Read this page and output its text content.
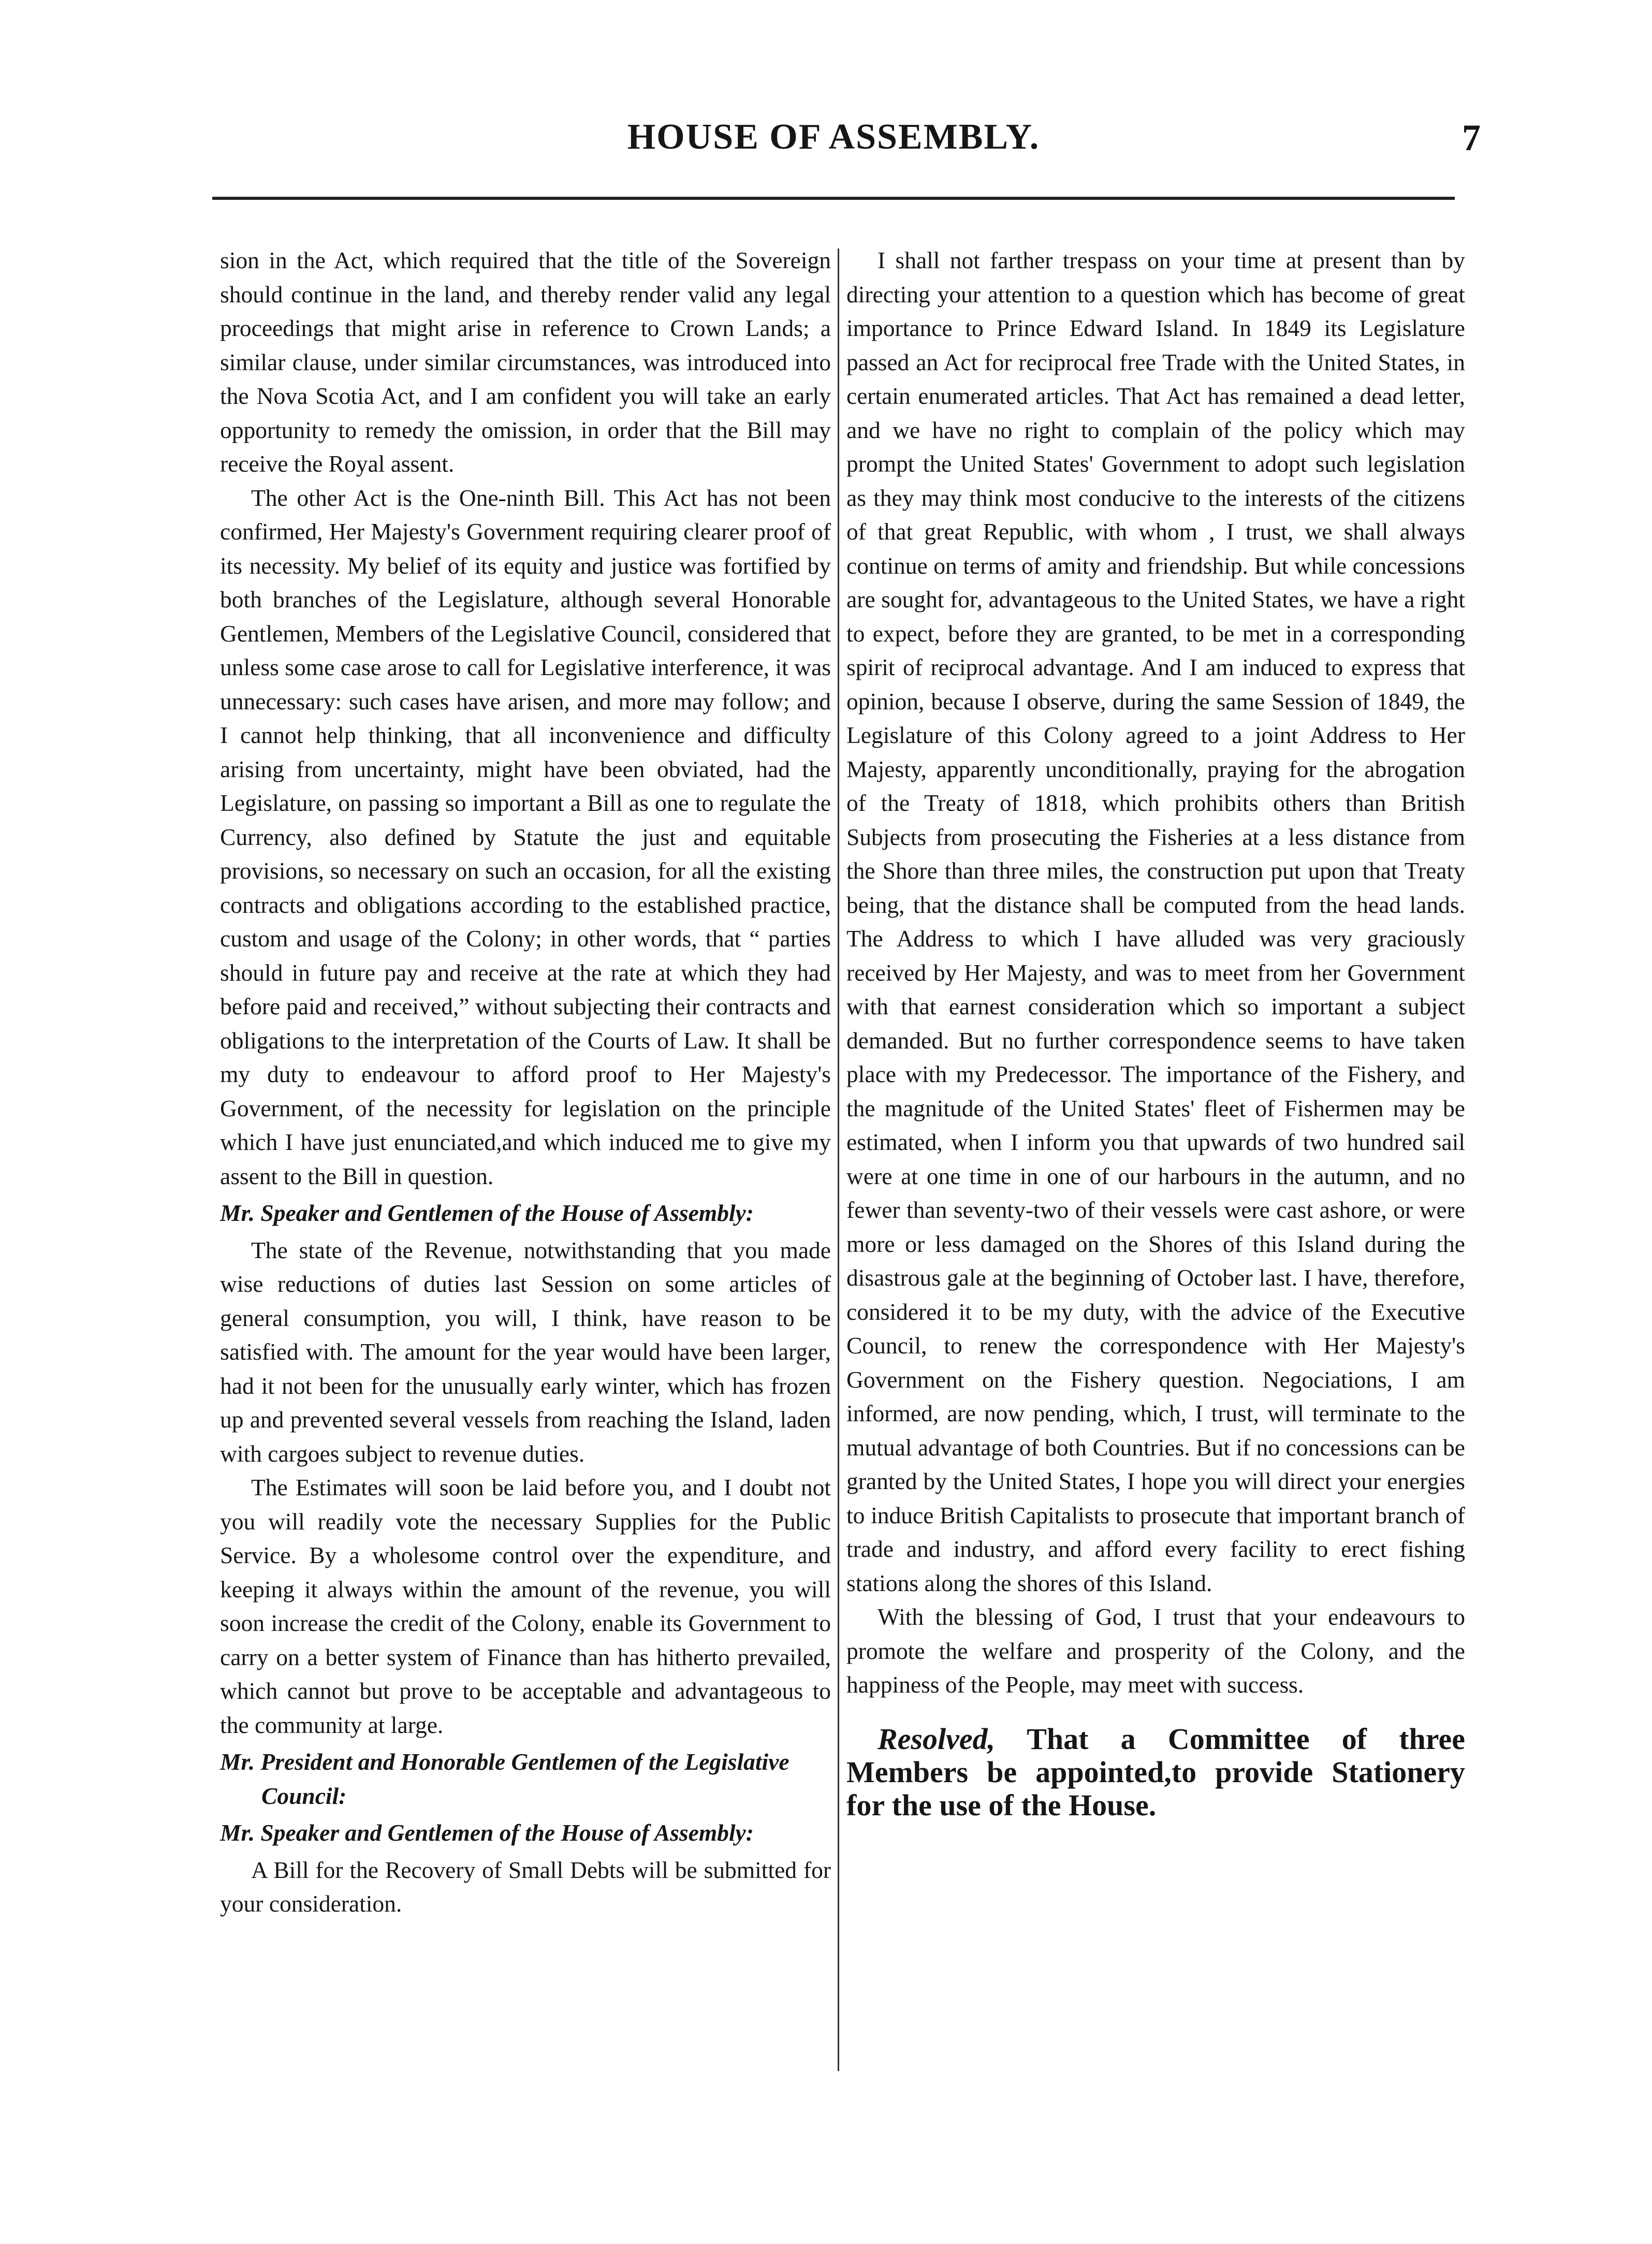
HOUSE OF ASSEMBLY.	7

sion in the Act, which required that the title of the Sovereign should continue in the land, and thereby render valid any legal proceedings that might arise in reference to Crown Lands; a similar clause, under similar circumstances, was introduced into the Nova Scotia Act, and I am confident you will take an early opportunity to remedy the omission, in order that the Bill may receive the Royal assent.

The other Act is the One-ninth Bill. This Act has not been confirmed, Her Majesty's Government requiring clearer proof of its necessity. My belief of its equity and justice was fortified by both branches of the Legislature, although several Honorable Gentlemen, Members of the Legislative Council, considered that unless some case arose to call for Legislative interference, it was unnecessary: such cases have arisen, and more may follow; and I cannot help thinking, that all inconvenience and difficulty arising from uncertainty, might have been obviated, had the Legislature, on passing so important a Bill as one to regulate the Currency, also defined by Statute the just and equitable provisions, so necessary on such an occasion, for all the existing contracts and obligations according to the established practice, custom and usage of the Colony; in other words, that “ parties should in future pay and receive at the rate at which they had before paid and received,” without subjecting their contracts and obligations to the interpretation of the Courts of Law. It shall be my duty to endeavour to afford proof to Her Majesty's Government, of the necessity for legislation on the principle which I have just enunciated,and which induced me to give my assent to the Bill in question.

Mr. Speaker and Gentlemen of the House of Assembly:

The state of the Revenue, notwithstanding that you made wise reductions of duties last Session on some articles of general consumption, you will, I think, have reason to be satisfied with. The amount for the year would have been larger, had it not been for the unusually early winter, which has frozen up and prevented several vessels from reaching the Island, laden with cargoes subject to revenue duties.

The Estimates will soon be laid before you, and I doubt not you will readily vote the necessary Supplies for the Public Service. By a wholesome control over the expenditure, and keeping it always within the amount of the revenue, you will soon increase the credit of the Colony, enable its Government to carry on a better system of Finance than has hitherto prevailed, which cannot but prove to be acceptable and advantageous to the community at large.

Mr. President and Honorable Gentlemen of the Legislative Council:

Mr. Speaker and Gentlemen of the House of Assembly:

A Bill for the Recovery of Small Debts will be submitted for your consideration.

I shall not farther trespass on your time at present than by directing your attention to a question which has become of great importance to Prince Edward Island. In 1849 its Legislature passed an Act for reciprocal free Trade with the United States, in certain enumerated articles. That Act has remained a dead letter, and we have no right to complain of the policy which may prompt the United States' Government to adopt such legislation as they may think most conducive to the interests of the citizens of that great Republic, with whom , I trust, we shall always continue on terms of amity and friendship. But while concessions are sought for, advantageous to the United States, we have a right to expect, before they are granted, to be met in a corresponding spirit of reciprocal advantage. And I am induced to express that opinion, because I observe, during the same Session of 1849, the Legislature of this Colony agreed to a joint Address to Her Majesty, apparently unconditionally, praying for the abrogation of the Treaty of 1818, which prohibits others than British Subjects from prosecuting the Fisheries at a less distance from the Shore than three miles, the construction put upon that Treaty being, that the distance shall be computed from the head lands. The Address to which I have alluded was very graciously received by Her Majesty, and was to meet from her Government with that earnest consideration which so important a subject demanded. But no further correspondence seems to have taken place with my Predecessor. The importance of the Fishery, and the magnitude of the United States' fleet of Fishermen may be estimated, when I inform you that upwards of two hundred sail were at one time in one of our harbours in the autumn, and no fewer than seventy-two of their vessels were cast ashore, or were more or less damaged on the Shores of this Island during the disastrous gale at the beginning of October last. I have, therefore, considered it to be my duty, with the advice of the Executive Council, to renew the correspondence with Her Majesty's Government on the Fishery question. Negociations, I am informed, are now pending, which, I trust, will terminate to the mutual advantage of both Countries. But if no concessions can be granted by the United States, I hope you will direct your energies to induce British Capitalists to prosecute that important branch of trade and industry, and afford every facility to erect fishing stations along the shores of this Island.

With the blessing of God, I trust that your endeavours to promote the welfare and prosperity of the Colony, and the happiness of the People, may meet with success.

Resolved, That a Committee of three Members be appointed,to provide Stationery for the use of the House.
